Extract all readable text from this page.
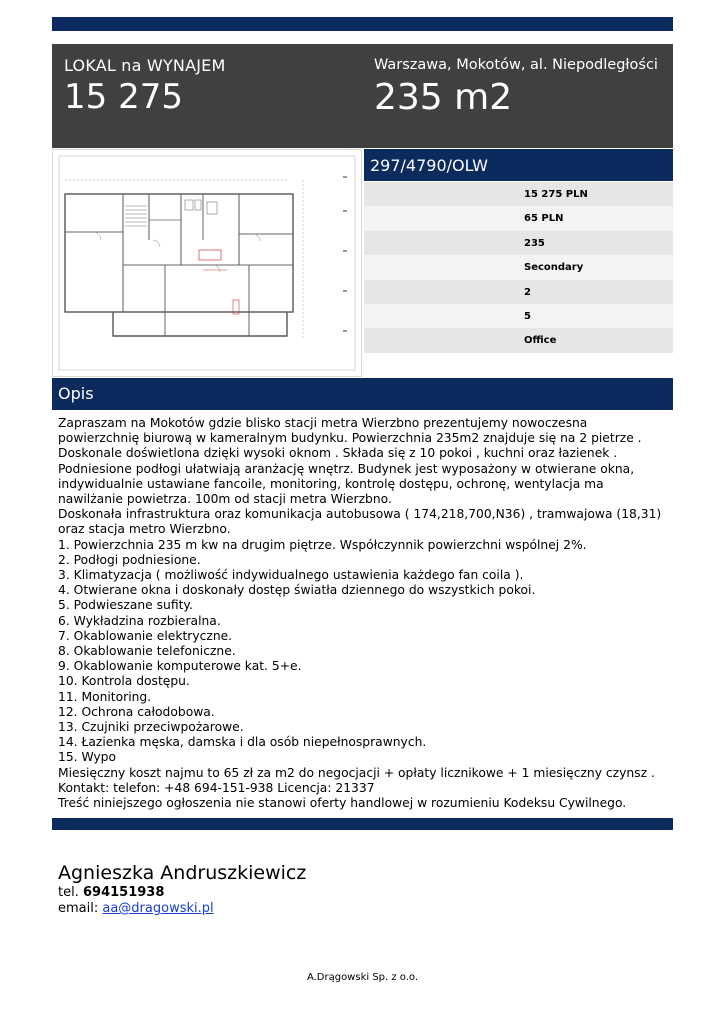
LOKAL na WYNAJEM
15 275
Warszawa, Mokotów, al. Niepodległości
235 m2
297/4790/OLW
15 275 PLN
65 PLN
235
Secondary
2
5
Office
Opis

Zapraszam na Mokotów gdzie blisko stacji metra Wierzbno prezentujemy nowoczesna

powierzchnię biurową w kameralnym budynku. Powierzchnia 235m2 znajduje się na 2 pietrze .

Doskonale doświetlona dzięki wysoki oknom . Składa się z 10 pokoi , kuchni oraz łazienek .

Podniesione podłogi ułatwiają aranżację wnętrz. Budynek jest wyposażony w otwierane okna,

indywidualnie ustawiane fancoile, monitoring, kontrolę dostępu, ochronę, wentylacja ma

nawilżanie powietrza. 100m od stacji metra Wierzbno.

Doskonała infrastruktura oraz komunikacja autobusowa ( 174,218,700,N36) , tramwajowa (18,31)

oraz stacja metro Wierzbno.

1. Powierzchnia 235 m kw na drugim piętrze. Współczynnik powierzchni wspólnej 2%.

2. Podłogi podniesione.

3. Klimatyzacja ( możliwość indywidualnego ustawienia każdego fan coila ).

4. Otwierane okna i doskonały dostęp światła dziennego do wszystkich pokoi.

5. Podwieszane sufity.

6. Wykładzina rozbieralna.

7. Okablowanie elektryczne.

8. Okablowanie telefoniczne.

9. Okablowanie komputerowe kat. 5+e.

10. Kontrola dostępu.

11. Monitoring.

12. Ochrona całodobowa.

13. Czujniki przeciwpożarowe.

14. Łazienka męska, damska i dla osób niepełnosprawnych.

15. Wypo

Miesięczny koszt najmu to 65 zł za m2 do negocjacji + opłaty licznikowe + 1 miesięczny czynsz .

Kontakt: telefon: +48 694-151-938 Licencja: 21337

Treść niniejszego ogłoszenia nie stanowi oferty handlowej w rozumieniu Kodeksu Cywilnego.

Agnieszka Andruszkiewicz
tel. 694151938
email: aa@dragowski.pl
A.Drągowski Sp. z o.o.
